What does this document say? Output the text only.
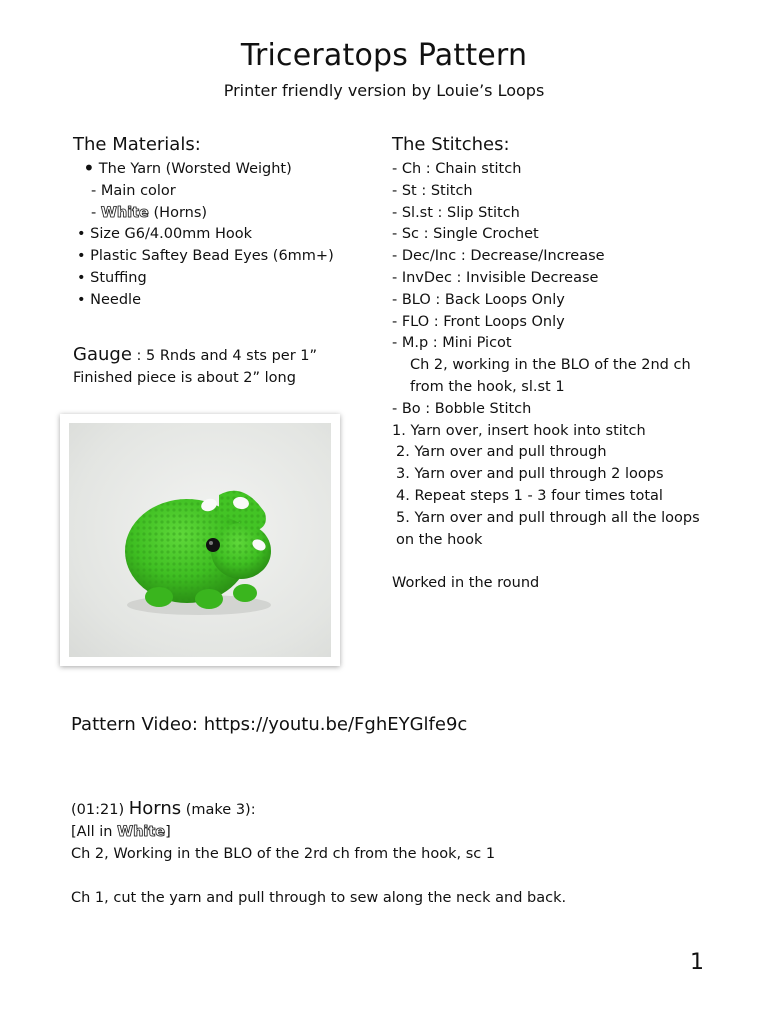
Triceratops Pattern
Printer friendly version by Louie’s Loops
The Materials:
• The Yarn (Worsted Weight)
- Main color
- White (Horns)
• Size G6/4.00mm Hook
• Plastic Saftey Bead Eyes (6mm+)
• Stuffing
• Needle
Gauge : 5 Rnds and 4 sts per 1”
Finished piece is about 2” long
The Stitches:
- Ch : Chain stitch
- St : Stitch
- Sl.st : Slip Stitch
- Sc : Single Crochet
- Dec/Inc : Decrease/Increase
- InvDec : Invisible Decrease
- BLO : Back Loops Only
- FLO : Front Loops Only
- M.p : Mini Picot
Ch 2, working in the BLO of the 2nd ch
from the hook, sl.st 1
- Bo : Bobble Stitch
1. Yarn over, insert hook into stitch
2. Yarn over and pull through
3. Yarn over and pull through 2 loops
4. Repeat steps 1 - 3 four times total
5. Yarn over and pull through all the loops
on the hook
Worked in the round
Pattern Video: https://youtu.be/FghEYGlfe9c
(01:21) Horns (make 3):
[All in White]
Ch 2, Working in the BLO of the 2rd ch from the hook, sc 1
Ch 1, cut the yarn and pull through to sew along the neck and back.
1
